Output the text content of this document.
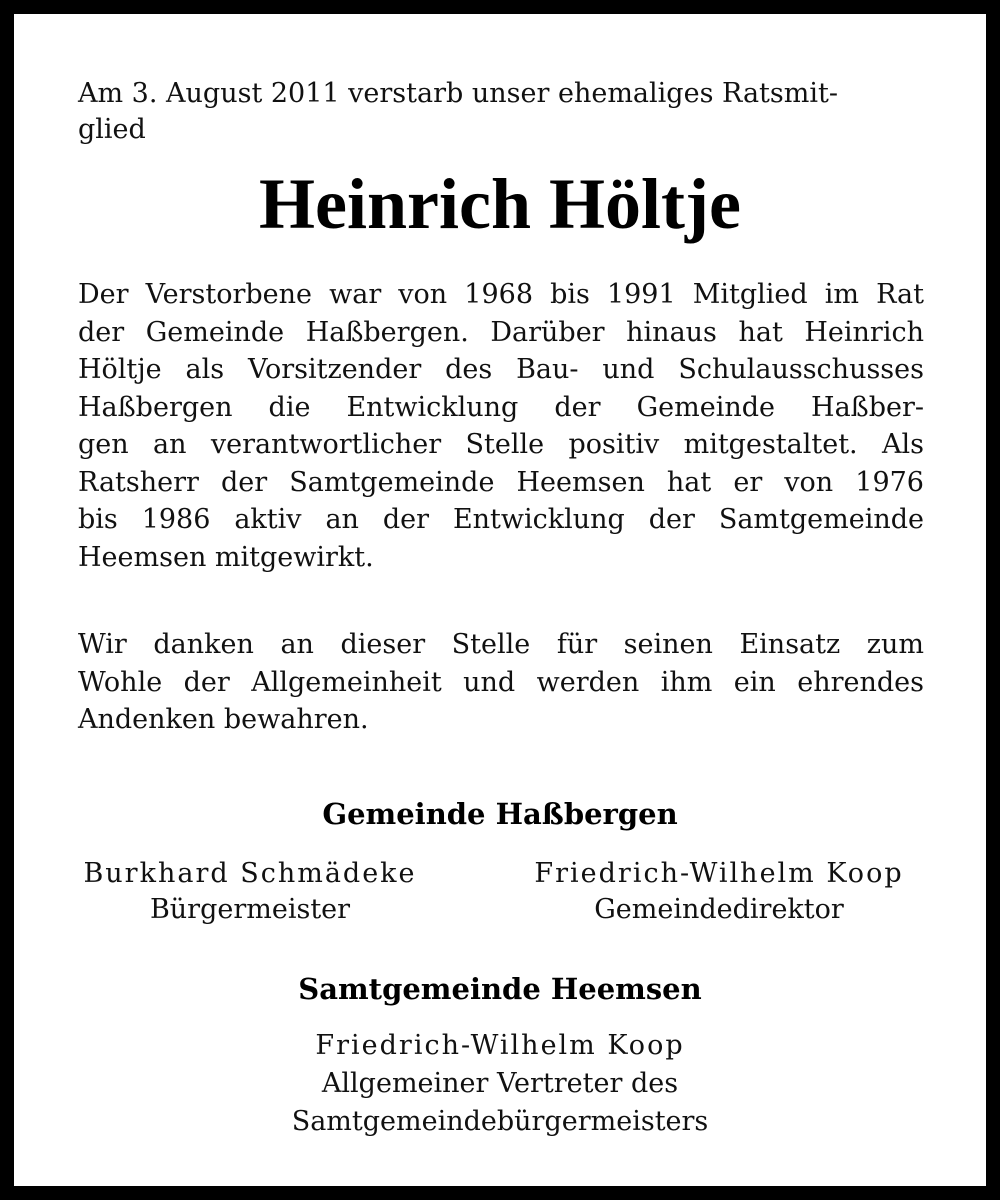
Am 3. August 2011 verstarb unser ehemaliges Ratsmit-
glied

Heinrich Höltje

Der Verstorbene war von 1968 bis 1991 Mitglied im Rat
der Gemeinde Haßbergen. Darüber hinaus hat Heinrich
Höltje als Vorsitzender des Bau- und Schulausschusses
Haßbergen die Entwicklung der Gemeinde Haßber-
gen an verantwortlicher Stelle positiv mitgestaltet. Als
Ratsherr der Samtgemeinde Heemsen hat er von 1976
bis 1986 aktiv an der Entwicklung der Samtgemeinde
Heemsen mitgewirkt.

Wir danken an dieser Stelle für seinen Einsatz zum
Wohle der Allgemeinheit und werden ihm ein ehrendes
Andenken bewahren.

Gemeinde Haßbergen
Burkhard Schmädeke
Bürgermeister
Friedrich-Wilhelm Koop
Gemeindedirektor
Samtgemeinde Heemsen
Friedrich-Wilhelm Koop
Allgemeiner Vertreter des
Samtgemeindebürgermeisters
